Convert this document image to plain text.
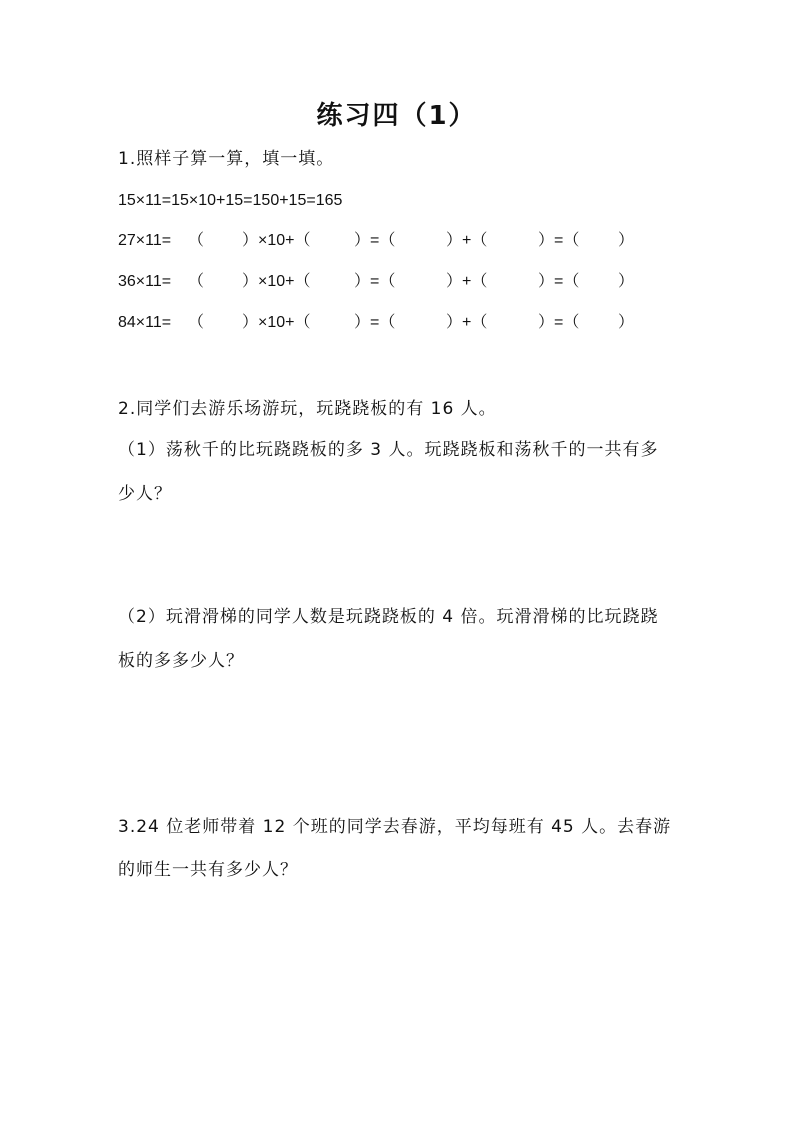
练习四（1）
1.照样子算一算，填一填。
15×11=15×10+15=150+15=165
27×11= （ ）×10+（	）=（	）+（	）=（ ）
36×11= （ ）×10+（	）=（	）+（	）=（ ）
84×11= （ ）×10+（	）=（	）+（	）=（ ）
2.同学们去游乐场游玩，玩跷跷板的有 16 人。
（1）荡秋千的比玩跷跷板的多 3 人。玩跷跷板和荡秋千的一共有多
少人？
（2）玩滑滑梯的同学人数是玩跷跷板的 4 倍。玩滑滑梯的比玩跷跷
板的多多少人？
3.24 位老师带着 12 个班的同学去春游，平均每班有 45 人。去春游
的师生一共有多少人？
